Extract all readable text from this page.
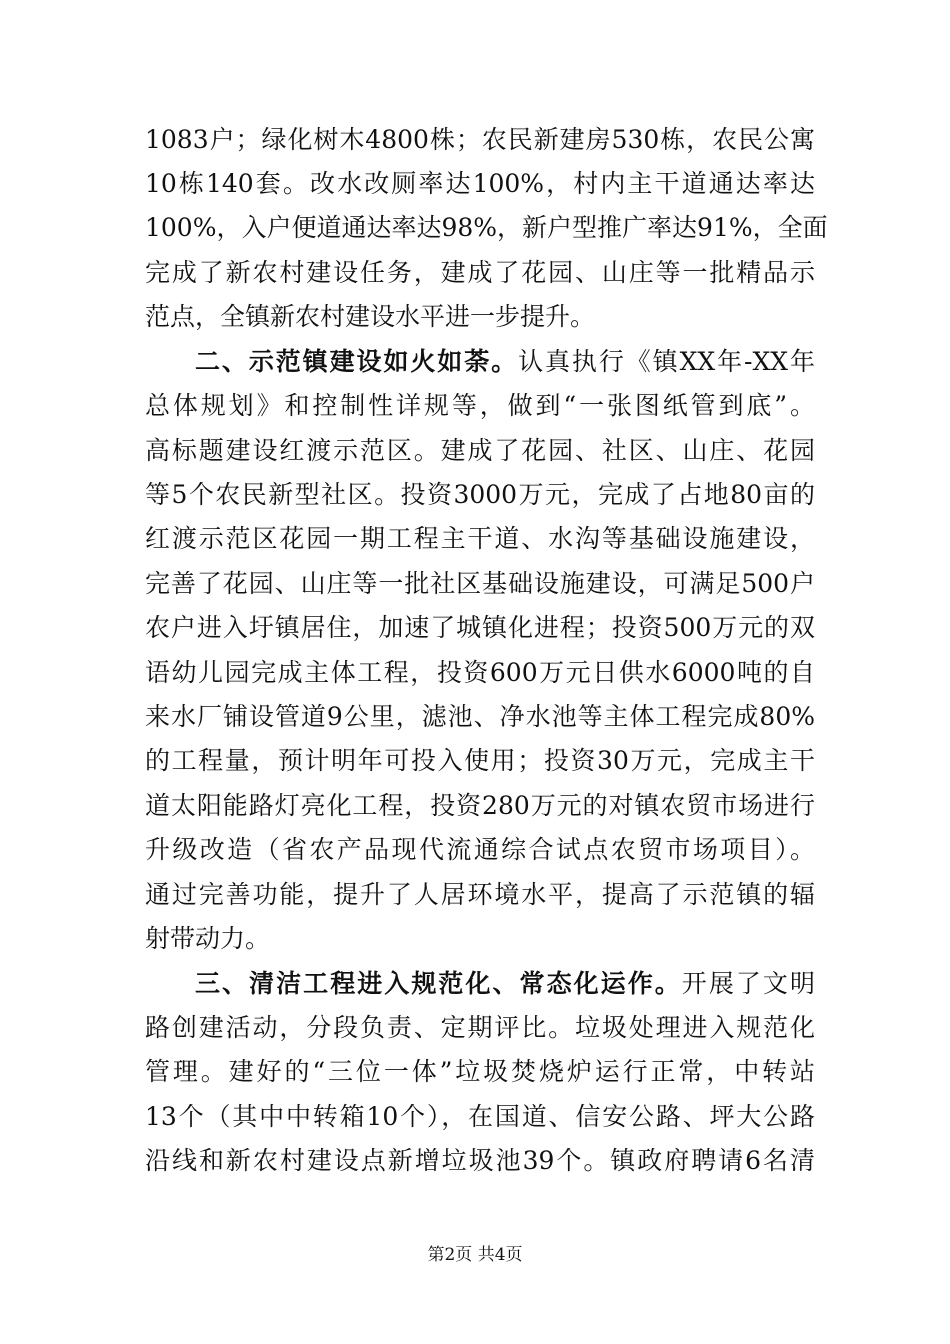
1083户；绿化树木4800株；农民新建房530栋，农民公寓
10栋140套。改水改厕率达100%，村内主干道通达率达
100%，入户便道通达率达98%，新户型推广率达91%，全面
完成了新农村建设任务，建成了花园、山庄等一批精品示
范点，全镇新农村建设水平进一步提升。
二、示范镇建设如火如荼。认真执行《镇XX年-XX年
总体规划》和控制性详规等，做到“一张图纸管到底”。
高标题建设红渡示范区。建成了花园、社区、山庄、花园
等5个农民新型社区。投资3000万元，完成了占地80亩的
红渡示范区花园一期工程主干道、水沟等基础设施建设，
完善了花园、山庄等一批社区基础设施建设，可满足500户
农户进入圩镇居住，加速了城镇化进程；投资500万元的双
语幼儿园完成主体工程，投资600万元日供水6000吨的自
来水厂铺设管道9公里，滤池、净水池等主体工程完成80%
的工程量，预计明年可投入使用；投资30万元，完成主干
道太阳能路灯亮化工程，投资280万元的对镇农贸市场进行
升级改造（省农产品现代流通综合试点农贸市场项目）。
通过完善功能，提升了人居环境水平，提高了示范镇的辐
射带动力。
三、清洁工程进入规范化、常态化运作。开展了文明
路创建活动，分段负责、定期评比。垃圾处理进入规范化
管理。建好的“三位一体”垃圾焚烧炉运行正常，中转站
13个（其中中转箱10个），在国道、信安公路、坪大公路
沿线和新农村建设点新增垃圾池39个。镇政府聘请6名清
第2页 共4页
